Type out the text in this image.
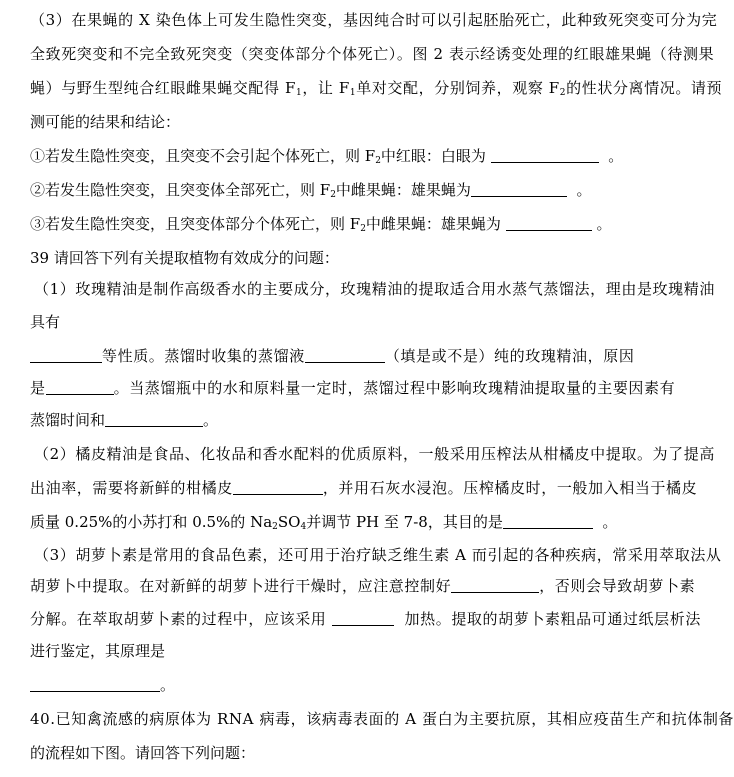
（3）在果蝇的 X 染色体上可发生隐性突变，基因纯合时可以引起胚胎死亡，此种致死突变可分为完
全致死突变和不完全致死突变（突变体部分个体死亡）。图 2 表示经诱变处理的红眼雄果蝇（待测果
蝇）与野生型纯合红眼雌果蝇交配得 $F_1$，让 $F_1$单对交配，分别饲养，观察 $F_2$的性状分离情况。请预
测可能的结果和结论：
①若发生隐性突变，且突变不会引起个体死亡，则 $F_2$中红眼：白眼为	。
②若发生隐性突变，且突变体全部死亡，则 $F_2$中雌果蝇：雄果蝇为	。
③若发生隐性突变，且突变体部分个体死亡，则 $F_2$中雌果蝇：雄果蝇为	。
39 请回答下列有关提取植物有效成分的问题：
（1）玫瑰精油是制作高级香水的主要成分，玫瑰精油的提取适合用水蒸气蒸馏法，理由是玫瑰精油
具有
等性质。蒸馏时收集的蒸馏液	（填是或不是）纯的玫瑰精油，原因
是	。当蒸馏瓶中的水和原料量一定时，蒸馏过程中影响玫瑰精油提取量的主要因素有
蒸馏时间和	。
（2）橘皮精油是食品、化妆品和香水配料的优质原料，一般采用压榨法从柑橘皮中提取。为了提高
出油率，需要将新鲜的柑橘皮	，并用石灰水浸泡。压榨橘皮时，一般加入相当于橘皮
质量 0.25%的小苏打和 0.5%的 $Na_2SO_4$并调节 PH 至 7-8，其目的是	。
（3）胡萝卜素是常用的食品色素，还可用于治疗缺乏维生素 A 而引起的各种疾病，常采用萃取法从
胡萝卜中提取。在对新鲜的胡萝卜进行干燥时，应注意控制好	，否则会导致胡萝卜素
分解。在萃取胡萝卜素的过程中，应该采用	加热。提取的胡萝卜素粗品可通过纸层析法
进行鉴定，其原理是
。
40.已知禽流感的病原体为 RNA 病毒，该病毒表面的 A 蛋白为主要抗原，其相应疫苗生产和抗体制备
的流程如下图。请回答下列问题：
